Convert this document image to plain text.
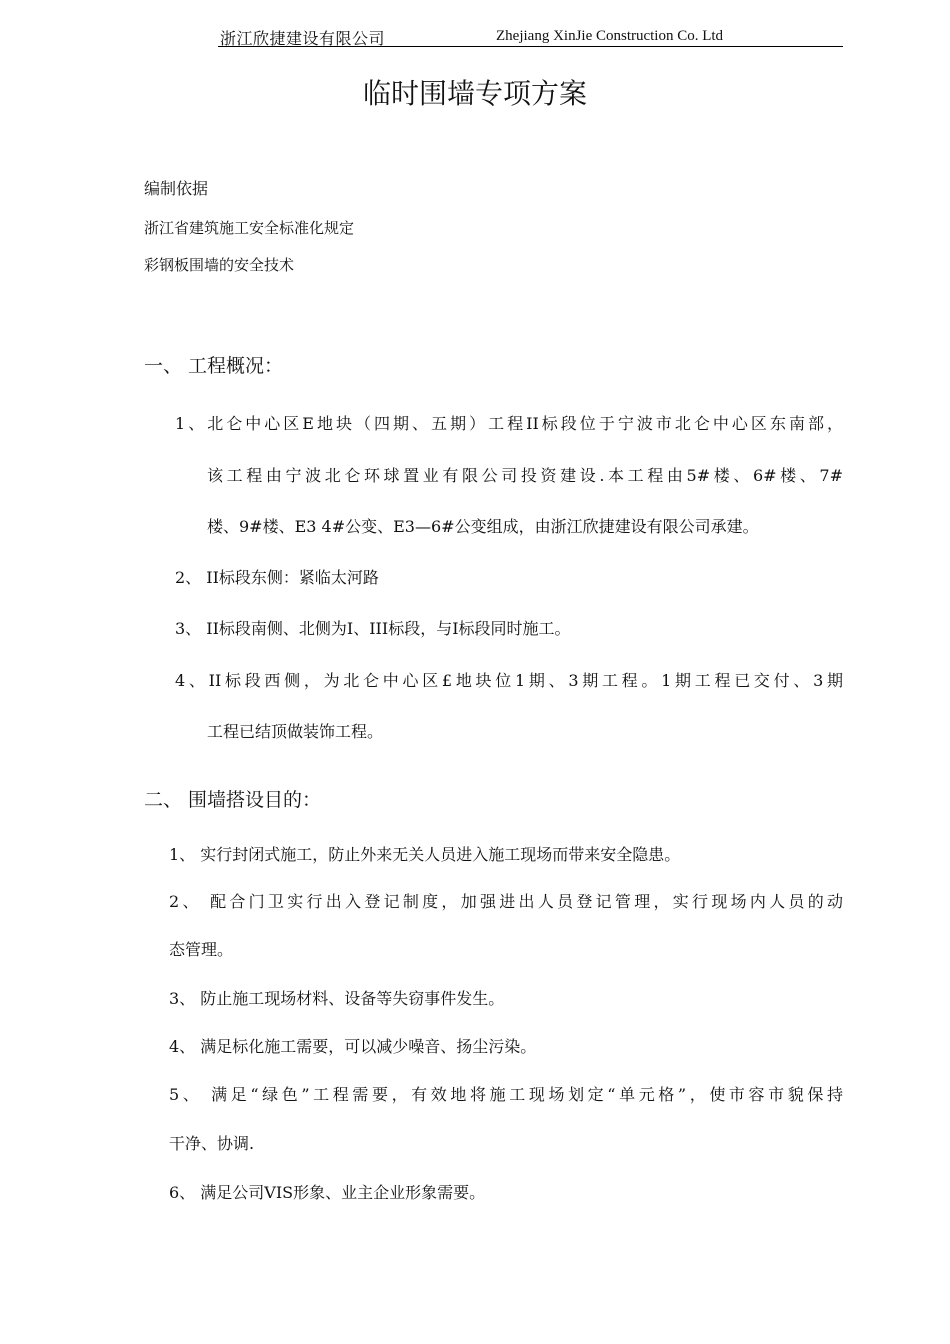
浙江欣捷建设有限公司	Zhejiang XinJie Construction Co. Ltd
临时围墙专项方案
编制依据
浙江省建筑施工安全标准化规定
彩钢板围墙的安全技术
一、 工程概况：
1、北仑中心区E地块（四期、五期）工程II标段位于宁波市北仑中心区东南部，
该工程由宁波北仑环球置业有限公司投资建设.本工程由5#楼、6#楼、7#
楼、9#楼、E3 4#公变、E3—6#公变组成，由浙江欣捷建设有限公司承建。
2、 II标段东侧：紧临太河路
3、 II标段南侧、北侧为I、III标段，与I标段同时施工。
4、II标段西侧，为北仑中心区£地块位1期、3期工程。1期工程已交付、3期
工程已结顶做装饰工程。
二、 围墙搭设目的：
1、 实行封闭式施工，防止外来无关人员进入施工现场而带来安全隐患。
2、 配合门卫实行出入登记制度，加强进出人员登记管理，实行现场内人员的动
态管理。
3、 防止施工现场材料、设备等失窃事件发生。
4、 满足标化施工需要，可以减少噪音、扬尘污染。
5、 满足“绿色”工程需要，有效地将施工现场划定“单元格”，使市容市貌保持
干净、协调.
6、 满足公司VIS形象、业主企业形象需要。
